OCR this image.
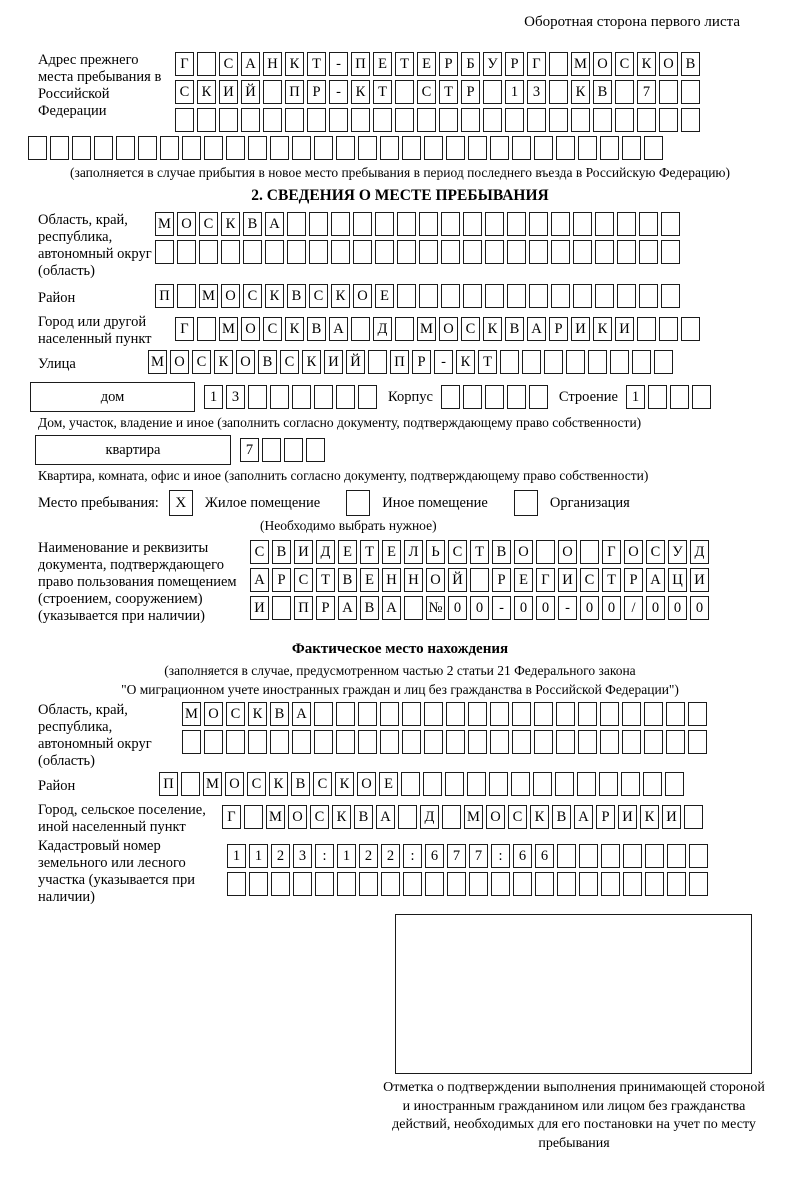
Оборотная сторона первого листа
Адрес прежнего места пребывания в Российской Федерации
Г	С А Н К Т	- П Е Т Е Р Б У Р Г	М О С К О В
С К И Й П Р	-	К Т	С Т Р	1	3	К В	7
(заполняется в случае прибытия в новое место пребывания в период последнего въезда в Российскую Федерацию)
2. СВЕДЕНИЯ О МЕСТЕ ПРЕБЫВАНИЯ
Область, край, республика, автономный округ (область)
М О С К В А
Район	П М О С К В С К О Е
Город или другой населенный пункт
Г	М О С К В А	Д	М О С К В А Р И К И
Улица	М О С К О В С К И Й П Р	-	К Т
дом	1	3	Корпус	Строение 1
Дом, участок, владение и иное (заполнить согласно документу, подтверждающему право собственности)
квартира	7
Квартира, комната, офис и иное (заполнить согласно документу, подтверждающему право собственности)
Место пребывания:	X	Жилое помещение	Иное помещение	Организация
(Необходимо выбрать нужное)
Наименование и реквизиты документа, подтверждающего право пользования помещением (строением, сооружением) (указывается при наличии)
С В И Д Е Т Е Л Ь С Т В О О	Г О С У Д
А Р С Т В Е Н Н О Й	Р Е Г И С Т Р А Ц И
И П Р А В А № 0	0	-	0	0	-	0	0	/	0	0	0
Фактическое место нахождения
(заполняется в случае, предусмотренном частью 2 статьи 21 Федерального закона
"О миграционном учете иностранных граждан и лиц без гражданства в Российской Федерации")
Область, край, республика, автономный округ (область)
М О С К В А
Район	П М О С К В С К О Е
Город, сельское поселение, иной населенный пункт
Г	М О С К В А	Д	М О С К В А Р И К И
Кадастровый номер земельного или лесного участка (указывается при наличии)
1	1	2	3	:	1	2	2	:	6	7	7	:	6	6
Отметка о подтверждении выполнения принимающей стороной и иностранным гражданином или лицом без гражданства действий, необходимых для его постановки на учет по месту пребывания
